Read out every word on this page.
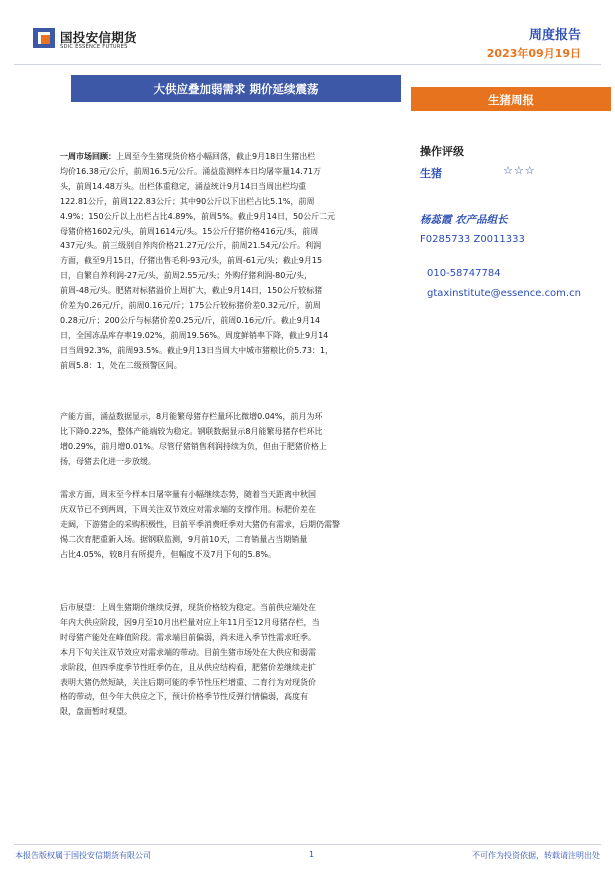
国投安信期货
SDIC ESSENCE FUTURES
周度报告
2023年09月19日
大供应叠加弱需求 期价延续震荡
生猪周报

一周市场回顾：上周至今生猪现货价格小幅回落，截止9月18日生猪出栏
均价16.38元/公斤，前周16.5元/公斤。涌益监测样本日均屠宰量14.71万
头，前周14.48万头。出栏体重稳定，涌益统计9月14日当周出栏均重
122.81公斤，前周122.83公斤；其中90公斤以下出栏占比5.1%，前周
4.9%；150公斤以上出栏占比4.89%，前周5%。截止9月14日，50公斤二元
母猪价格1602元/头，前周1614元/头。15公斤仔猪价格416元/头，前周
437元/头。前三级别自养肉价格21.27元/公斤，前周21.54元/公斤。利润
方面，截至9月15日，仔猪出售毛利-93元/头，前周-61元/头；截止9月15
日，自繁自养利润-27元/头，前周2.55元/头；外购仔猪利润-80元/头，
前周-48元/头。肥猪对标猪溢价上周扩大，截止9月14日，150公斤较标猪
价差为0.26元/斤，前周0.16元/斤；175公斤较标猪价差0.32元/斤，前周
0.28元/斤；200公斤与标猪价差0.25元/斤，前周0.16元/斤。截止9月14
日，全国冻品库存率19.02%，前周19.56%。周度鲜销率下降，截止9月14
日当周92.3%，前周93.5%。截止9月13日当周大中城市猪粮比价5.73：1，
前周5.8：1，处在二级预警区间。

产能方面，涌益数据显示，8月能繁母猪存栏量环比微增0.04%，前月为环
比下降0.22%，整体产能端较为稳定。钢联数据显示8月能繁母猪存栏环比
增0.29%，前月增0.01%。尽管仔猪销售利润持续为负，但由于肥猪价格上
扬，母猪去化进一步放缓。

需求方面，周末至今样本日屠宰量有小幅继续态势，随着当天距离中秋国
庆双节已不到两周，下周关注双节效应对需求端的支撑作用。标肥价差在
走阔，下游猪企的采购积极性，目前平季消费旺季对大猪仍有需求，后期仍需警
惕二次育肥重新入场。据钢联监测，9月前10天，二育销量占当期销量
占比4.05%，较8月有所提升，但幅度不及7月下旬的5.8%。

后市展望：上周生猪期价继续反弹，现货价格较为稳定。当前供应端处在
年内大供应阶段，因9月至10月出栏量对应上年11月至12月母猪存栏，当
时母猪产能处在峰值阶段。需求端目前偏弱，尚未进入季节性需求旺季。
本月下旬关注双节效应对需求端的带动。目前生猪市场处在大供应和弱需
求阶段，但四季度季节性旺季仍在，且从供应结构看，肥猪价差继续走扩
表明大猪仍然短缺，关注后期可能的季节性压栏增重、二育行为对现货价
格的带动，但今年大供应之下，预计价格季节性反弹行情偏弱，高度有
限，盘面暂时观望。

操作评级
生猪	☆☆☆
杨蕊霞 农产品组长
F0285733 Z0011333
010-58747784
gtaxinstitute@essence.com.cn
本报告版权属于国投安信期货有限公司	1	不可作为投资依据，转载请注明出处
